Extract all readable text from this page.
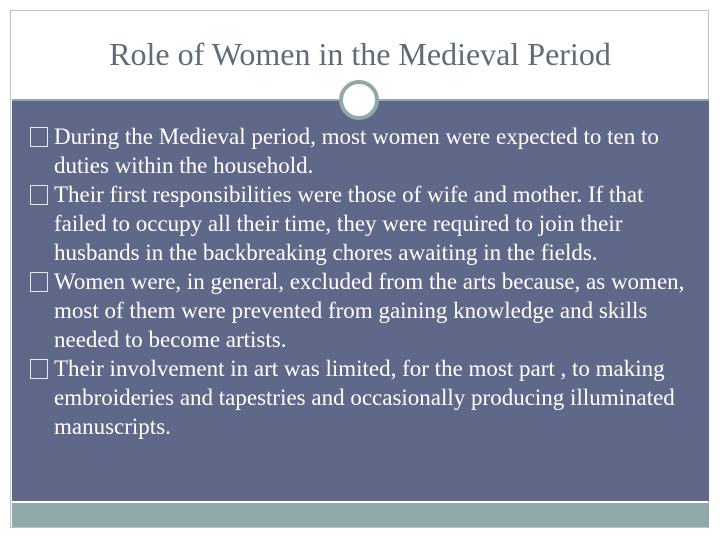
Role of Women in the Medieval Period
During the Medieval period, most women were expected to ten to duties within the household.
Their first responsibilities were those of wife and mother. If that failed to occupy all their time, they were required to join their husbands in the backbreaking chores awaiting in the fields.
Women were, in general, excluded from the arts because, as women, most of them were prevented from gaining knowledge and skills needed to become artists.
Their involvement in art was limited, for the most part , to making embroideries and tapestries and occasionally producing illuminated manuscripts.
